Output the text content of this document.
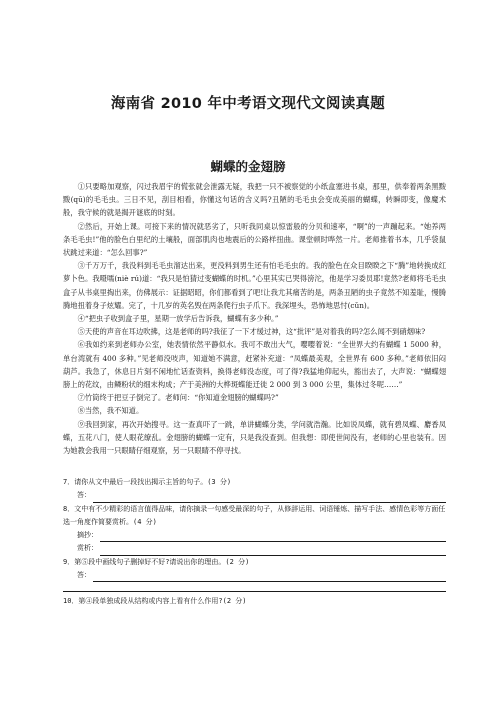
海南省 2010 年中考语文现代文阅读真题
蝴蝶的金翅膀

①只要略加观察，闪过我眉宇的慌张就会泄露无疑，我把一只不被察觉的小纸盒塞进书桌，那里，供奉着两条黑黢黢(qū)的毛毛虫。三日不见，刮目相看，你懂这句话的含义吗?丑陋的毛毛虫会变成美丽的蝴蝶，转瞬即变，像魔术般，我守候的就是揭开谜底的时刻。

②然后，开始上课。可接下来的情况就恶劣了，只听我同桌以惊雷般的分贝和速率，“啊”的一声蹦起来。“她养两条毛毛虫!”他的脸色白里纪的土壤般，面部肌肉也地震后的公路样扭曲。课堂顿时哗然一片。老师推着书本，几乎袋鼠状跳过来道：“怎么回事?”

③千万万千，我没料到毛毛虫溜达出来，更没料到男生还有怕毛毛虫的。我的脸色在众目睽睽之下“腾”地转换成红萝卜色。我嗫嚅(niè rú)道：“我只是怕猜过变蝴蝶的时机。”心里其实已哭得滂沱，他是学习委员耶!竟然?老师将毛毛虫盒子从书桌里掏出来，仿佛展示：证据昭昭，你们都看到了吧!让我尤其痛苦的是，两条丑陋的虫子竟然不知羞耻，慢腾腾地扭着身子炫耀。完了，十几岁的英名毁在两条爬行虫子爪下。我深埋头，恐怖地思忖(cǔn)。

④“把虫子收到盒子里，星期一放学后告诉我，蝴蝶有多少种。”

⑤天使的声音在耳边吹拂，这是老师的吗?我征了一下才缓过神，这“批评”是对着我的吗?怎么闻不到硝烟味?

⑥我如约来到老师办公室，她表情依然平静似水。我可不敢出大气，嘤嘤着说：“全世界大约有蝴蝶 1 5000 种，单台湾就有 400 多种。”见老师没吱声，知道她不满意，赶紧补充道：“凤蝶最美观，全世界有 600 多种。”老师依旧闷葫芦。我急了，休息日片刻不闲地忙话查资料，换得老师没态度，可了得?我猛地仰起头，豁出去了，大声说：“蝴蝶翅膀上的花纹，由鳞粉状的细末构成；产于美洲的大桦斑蝶能迁徙 2 000 到 3 000 公里，集体过冬呢……”

⑦竹筒终于把豆子倒完了。老师问：“你知道金翅膀的蝴蝶吗?”

⑧当然，我不知道。

⑨我回到家，再次开始搜寻。这一查真吓了一跳，单讲蝴蝶分类，学问就浩瀚。比如说凤蝶，就有碧凤蝶、麝香凤蝶，五花八门，使人眼花缭乱。金翅膀的蝴蝶一定有，只是我没查到。但我想：即使世间没有，老师的心里也装有。因为她教会我用一只眼睛仔细观察，另一只眼睛不停寻找。

7．请你从文中最后一段找出揭示主旨的句子。(3 分)

答：

8．文中有不少精彩的语言值得品味，请你摘录一句感受最深的句子，从修辞运用、词语锤炼、描写手法、感情色彩等方面任选一角度作简要赏析。(4 分)

摘抄：
赏析：

9．第⑤段中画线句子删掉好不好?请说出你的理由。(2 分)

答：

10．第④段单独成段从结构或内容上看有什么作用?(2 分)
